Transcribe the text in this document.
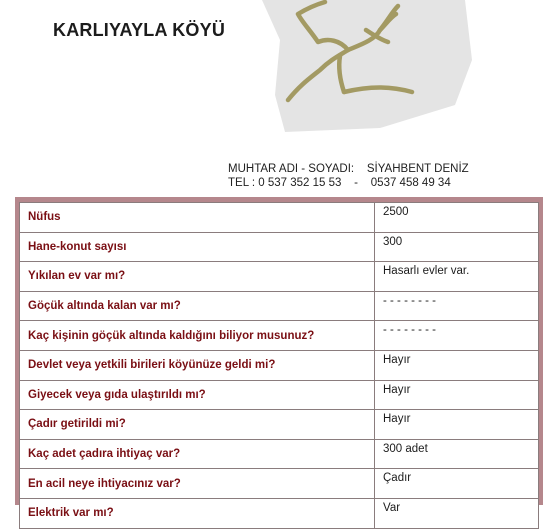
KARLIYAYLA KÖYÜ
MUHTAR ADI - SOYADI:    SİYAHBENT DENİZ
TEL : 0 537 352 15 53    -    0537 458 49 34
Nüfus	2500
Hane-konut sayısı	300
Yıkılan ev var mı?	Hasarlı evler var.
Göçük altında kalan var mı?	- - - - - - - -
Kaç kişinin göçük altında kaldığını biliyor musunuz?	- - - - - - - -
Devlet veya yetkili birileri köyünüze geldi mi?	Hayır
Giyecek veya gıda ulaştırıldı mı?	Hayır
Çadır getirildi mi?	Hayır
Kaç adet çadıra ihtiyaç var?	300 adet
En acil neye ihtiyacınız var?	Çadır
Elektrik var mı?	Var
